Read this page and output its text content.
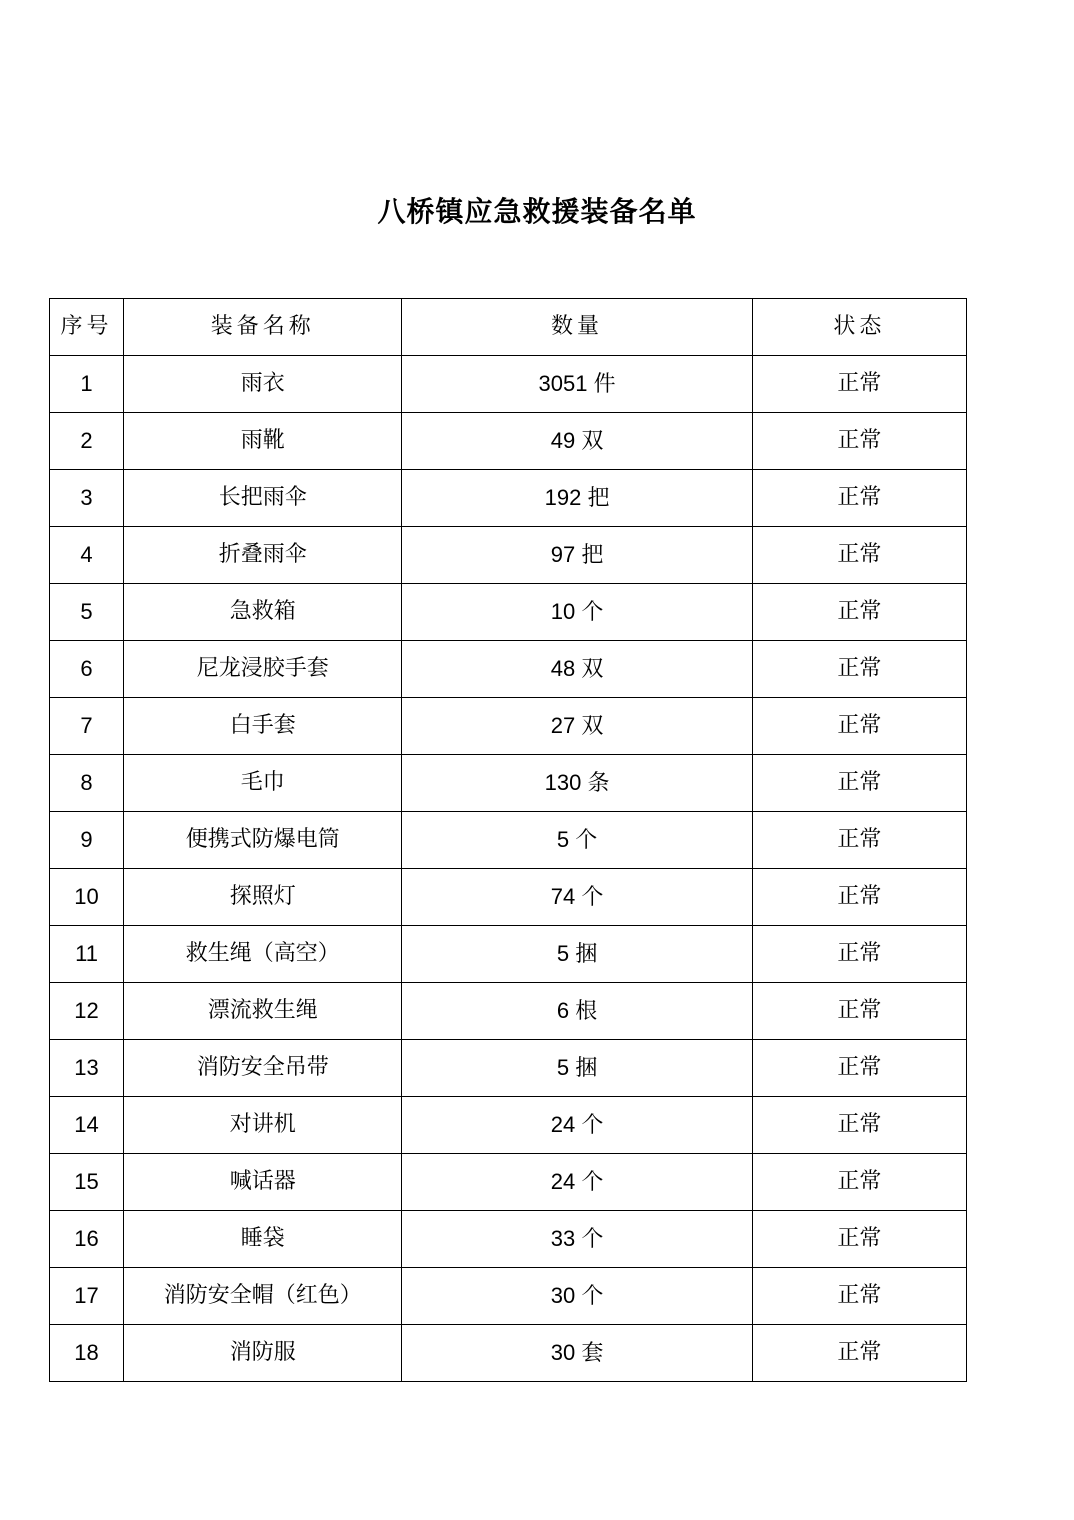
八桥镇应急救援装备名单
序号	装备名称	数量	状态
1	雨衣	3051 件	正常
2	雨靴	49 双	正常
3	长把雨伞	192 把	正常
4	折叠雨伞	97 把	正常
5	急救箱	10 个	正常
6	尼龙浸胶手套	48 双	正常
7	白手套	27 双	正常
8	毛巾	130 条	正常
9	便携式防爆电筒	5 个	正常
10	探照灯	74 个	正常
11	救生绳（高空）	5 捆	正常
12	漂流救生绳	6 根	正常
13	消防安全吊带	5 捆	正常
14	对讲机	24 个	正常
15	喊话器	24 个	正常
16	睡袋	33 个	正常
17	消防安全帽（红色）	30 个	正常
18	消防服	30 套	正常
